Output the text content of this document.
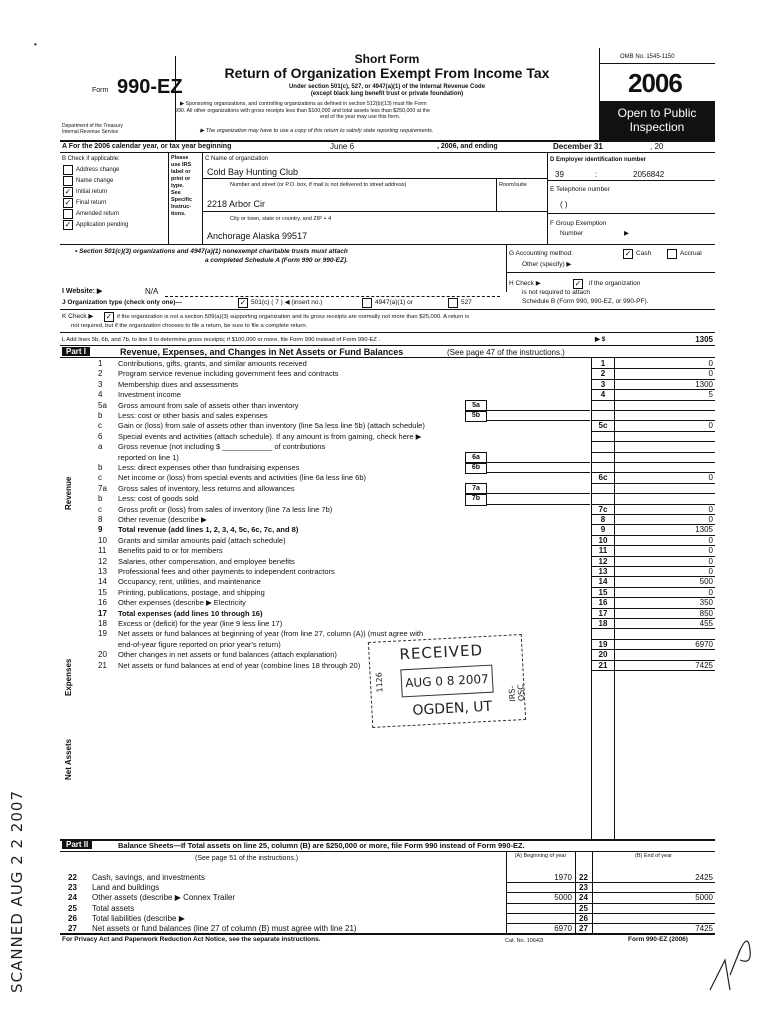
Form 990-EZ
Department of the Treasury
Internal Revenue Service
Short Form
Return of Organization Exempt From Income Tax
Under section 501(c), 527, or 4947(a)(1) of the Internal Revenue Code
(except black lung benefit trust or private foundation)
▶ Sponsoring organizations, and controlling organizations as defined in section 512(b)(13) must file Form
990. All other organizations with gross receipts less than $100,000 and total assets less than $250,000 at the
end of the year may use this form.
▶ The organization may have to use a copy of this return to satisfy state reporting requirements.
OMB No. 1545-1150
2006
Open to Public
Inspection
A For the 2006 calendar year, or tax year beginning	June 6	, 2006, and ending	December 31	, 20
B Check if applicable:
Address change
Name change
✓ Initial return
✓ Final return
Amended return
✓ Application pending
Please
use IRS
label or
print or
type.
See
Specific
Instruc-
tions.
C Name of organization
Cold Bay Hunting Club
Number and street (or P.O. box, if mail is not delivered to street address)	Room/suite
2218 Arbor Cir
City or town, state or country, and ZIP + 4
Anchorage Alaska 99517
D Employer identification number
39	:	2056842
E Telephone number
( )
F Group Exemption
Number	▶
• Section 501(c)(3) organizations and 4947(a)(1) nonexempt charitable trusts must attach
a completed Schedule A (Form 990 or 990-EZ).
G Accounting method:	✓ Cash	Accrual
Other (specify) ▶
H Check ▶	✓ if the organization
is not required to attach
Schedule B (Form 990, 990-EZ, or 990-PF).
I Website: ▶	N/A
J Organization type (check only one)—	✓ 501(c) ( 7 ) ◀ (insert no.)	4947(a)(1) or	527
K Check ▶ ✓ if the organization is not a section 509(a)(3) supporting organization and its gross receipts are normally not more than $25,000. A return is
not required, but if the organization chooses to file a return, be sure to file a complete return.
L Add lines 5b, 6b, and 7b, to line 9 to determine gross receipts; if $100,000 or more, file Form 990 instead of Form 990-EZ .	▶ $	1305
Part I	Revenue, Expenses, and Changes in Net Assets or Fund Balances	(See page 47 of the instructions.)
Revenue
Expenses
Net Assets
1 Contributions, gifts, grants, and similar amounts received	1	0
2 Program service revenue including government fees and contracts	2	0
3 Membership dues and assessments	3	1300
4 Investment income	4	5
5a Gross amount from sale of assets other than inventory	5a
b Less: cost or other basis and sales expenses	5b
c Gain or (loss) from sale of assets other than inventory (line 5a less line 5b) (attach schedule)	5c	0
6 Special events and activities (attach schedule). If any amount is from gaming, check here ▶
a Gross revenue (not including $ ____________ of contributions
reported on line 1)	6a
b Less: direct expenses other than fundraising expenses	6b
c Net income or (loss) from special events and activities (line 6a less line 6b)	6c	0
7a Gross sales of inventory, less returns and allowances	7a
b Less: cost of goods sold	7b
c Gross profit or (loss) from sales of inventory (line 7a less line 7b)	7c	0
8 Other revenue (describe ▶	8	0
9 Total revenue (add lines 1, 2, 3, 4, 5c, 6c, 7c, and 8)	9	1305
10 Grants and similar amounts paid (attach schedule)	10	0
11 Benefits paid to or for members	11	0
12 Salaries, other compensation, and employee benefits	12	0
13 Professional fees and other payments to independent contractors	13	0
14 Occupancy, rent, utilities, and maintenance	14	500
15 Printing, publications, postage, and shipping	15	0
16 Other expenses (describe ▶ Electricity	16	350
17 Total expenses (add lines 10 through 16)	17	850
18 Excess or (deficit) for the year (line 9 less line 17)	18	455
19 Net assets or fund balances at beginning of year (from line 27, column (A)) (must agree with
end-of-year figure reported on prior year's return)	19	6970
20 Other changes in net assets or fund balances (attach explanation)	20
21 Net assets or fund balances at end of year (combine lines 18 through 20)	21	7425
Part II	Balance Sheets—If Total assets on line 25, column (B) are $250,000 or more, file Form 990 instead of Form 990-EZ.
(See page 51 of the instructions.)	(A) Beginning of year	(B) End of year
22 Cash, savings, and investments	1970 22	2425
23 Land and buildings	23
24 Other assets (describe ▶ Connex Trailer	5000 24	5000
25 Total assets	25
26 Total liabilities (describe ▶	26
27 Net assets or fund balances (line 27 of column (B) must agree with line 21)	6970 27	7425
For Privacy Act and Paperwork Reduction Act Notice, see the separate instructions.	Cat. No. 10642I	Form 990-EZ (2006)
RECEIVED
AUG 0 8 2007
1126
IRS-OSC
OGDEN, UT
SCANNED AUG 2 2 2007
•
